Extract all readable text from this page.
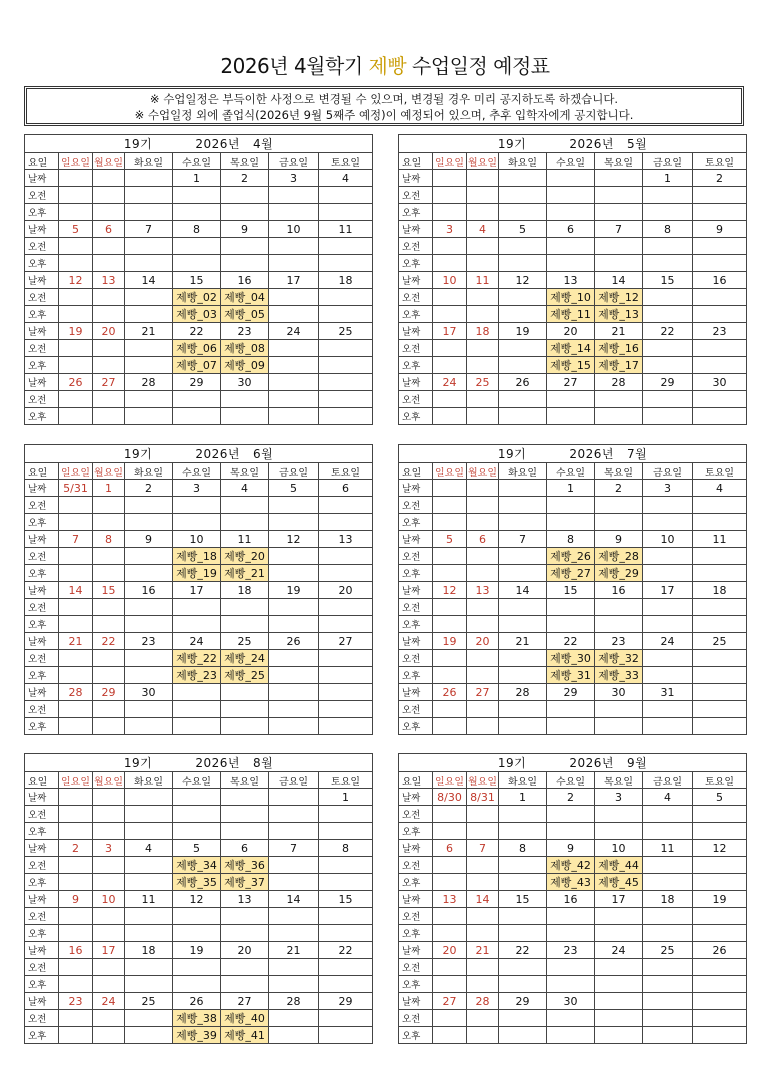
2026년 4월학기 제빵 수업일정 예정표
※ 수업일정은 부득이한 사정으로 변경될 수 있으며, 변경될 경우 미리 공지하도록 하겠습니다.
※ 수업일정 외에 졸업식(2026년 9월 5째주 예정)이 예정되어 있으며, 추후 입학자에게 공지합니다.
19기          2026년   4월							
요일	일요일	월요일	화요일	수요일	목요일	금요일	토요일
날짜				1	2	3	4
오전							
오후							
날짜	5	6	7	8	9	10	11
오전							
오후							
날짜	12	13	14	15	16	17	18
오전				제빵_02	제빵_04		
오후				제빵_03	제빵_05		
날짜	19	20	21	22	23	24	25
오전				제빵_06	제빵_08		
오후				제빵_07	제빵_09		
날짜	26	27	28	29	30		
오전							
오후							
19기          2026년   5월							
요일	일요일	월요일	화요일	수요일	목요일	금요일	토요일
날짜						1	2
오전							
오후							
날짜	3	4	5	6	7	8	9
오전							
오후							
날짜	10	11	12	13	14	15	16
오전				제빵_10	제빵_12		
오후				제빵_11	제빵_13		
날짜	17	18	19	20	21	22	23
오전				제빵_14	제빵_16		
오후				제빵_15	제빵_17		
날짜	24	25	26	27	28	29	30
오전							
오후							
19기          2026년   6월							
요일	일요일	월요일	화요일	수요일	목요일	금요일	토요일
날짜	5/31	1	2	3	4	5	6
오전							
오후							
날짜	7	8	9	10	11	12	13
오전				제빵_18	제빵_20		
오후				제빵_19	제빵_21		
날짜	14	15	16	17	18	19	20
오전							
오후							
날짜	21	22	23	24	25	26	27
오전				제빵_22	제빵_24		
오후				제빵_23	제빵_25		
날짜	28	29	30				
오전							
오후							
19기          2026년   7월							
요일	일요일	월요일	화요일	수요일	목요일	금요일	토요일
날짜				1	2	3	4
오전							
오후							
날짜	5	6	7	8	9	10	11
오전				제빵_26	제빵_28		
오후				제빵_27	제빵_29		
날짜	12	13	14	15	16	17	18
오전							
오후							
날짜	19	20	21	22	23	24	25
오전				제빵_30	제빵_32		
오후				제빵_31	제빵_33		
날짜	26	27	28	29	30	31	
오전							
오후							
19기          2026년   8월							
요일	일요일	월요일	화요일	수요일	목요일	금요일	토요일
날짜							1
오전							
오후							
날짜	2	3	4	5	6	7	8
오전				제빵_34	제빵_36		
오후				제빵_35	제빵_37		
날짜	9	10	11	12	13	14	15
오전							
오후							
날짜	16	17	18	19	20	21	22
오전							
오후							
날짜	23	24	25	26	27	28	29
오전				제빵_38	제빵_40		
오후				제빵_39	제빵_41		
19기          2026년   9월							
요일	일요일	월요일	화요일	수요일	목요일	금요일	토요일
날짜	8/30	8/31	1	2	3	4	5
오전							
오후							
날짜	6	7	8	9	10	11	12
오전				제빵_42	제빵_44		
오후				제빵_43	제빵_45		
날짜	13	14	15	16	17	18	19
오전							
오후							
날짜	20	21	22	23	24	25	26
오전							
오후							
날짜	27	28	29	30			
오전							
오후							
